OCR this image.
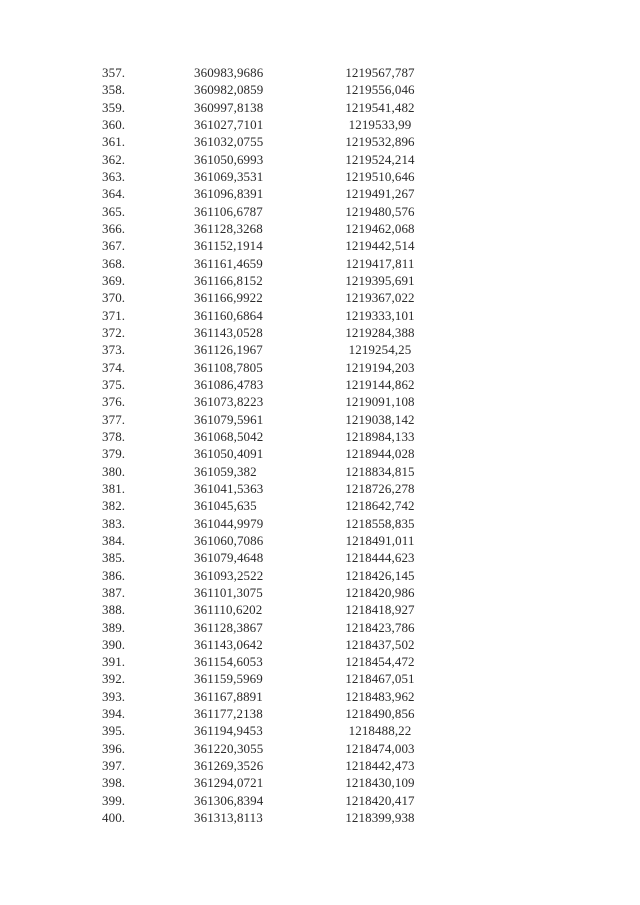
357.	360983,9686	1219567,787
358.	360982,0859	1219556,046
359.	360997,8138	1219541,482
360.	361027,7101	1219533,99
361.	361032,0755	1219532,896
362.	361050,6993	1219524,214
363.	361069,3531	1219510,646
364.	361096,8391	1219491,267
365.	361106,6787	1219480,576
366.	361128,3268	1219462,068
367.	361152,1914	1219442,514
368.	361161,4659	1219417,811
369.	361166,8152	1219395,691
370.	361166,9922	1219367,022
371.	361160,6864	1219333,101
372.	361143,0528	1219284,388
373.	361126,1967	1219254,25
374.	361108,7805	1219194,203
375.	361086,4783	1219144,862
376.	361073,8223	1219091,108
377.	361079,5961	1219038,142
378.	361068,5042	1218984,133
379.	361050,4091	1218944,028
380.	361059,382	1218834,815
381.	361041,5363	1218726,278
382.	361045,635	1218642,742
383.	361044,9979	1218558,835
384.	361060,7086	1218491,011
385.	361079,4648	1218444,623
386.	361093,2522	1218426,145
387.	361101,3075	1218420,986
388.	361110,6202	1218418,927
389.	361128,3867	1218423,786
390.	361143,0642	1218437,502
391.	361154,6053	1218454,472
392.	361159,5969	1218467,051
393.	361167,8891	1218483,962
394.	361177,2138	1218490,856
395.	361194,9453	1218488,22
396.	361220,3055	1218474,003
397.	361269,3526	1218442,473
398.	361294,0721	1218430,109
399.	361306,8394	1218420,417
400.	361313,8113	1218399,938
